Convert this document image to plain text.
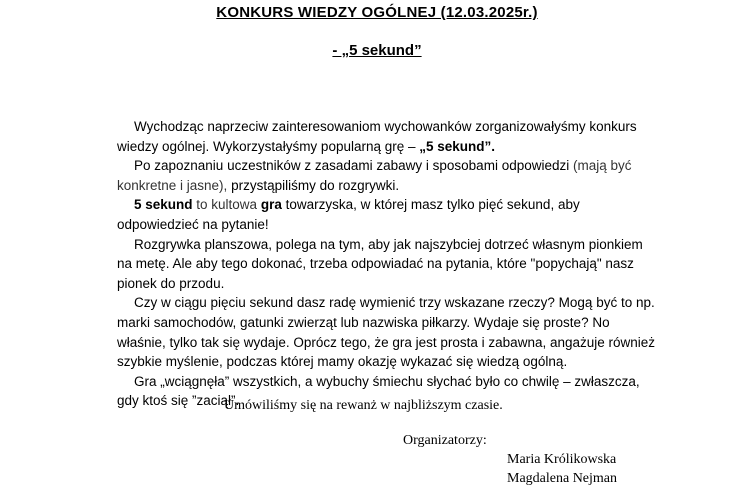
KONKURS WIEDZY OGÓLNEJ (12.03.2025r.)
- „5 sekund”

Wychodząc naprzeciw zainteresowaniom wychowanków zorganizowałyśmy konkurs wiedzy ogólnej. Wykorzystałyśmy popularną grę – „5 sekund”.

Po zapoznaniu uczestników z zasadami zabawy i sposobami odpowiedzi (mają być konkretne i jasne), przystąpiliśmy do rozgrywki.

5 sekund to kultowa gra towarzyska, w której masz tylko pięć sekund, aby odpowiedzieć na pytanie!

Rozgrywka planszowa, polega na tym, aby jak najszybciej dotrzeć własnym pionkiem na metę. Ale aby tego dokonać, trzeba odpowiadać na pytania, które "popychają" nasz pionek do przodu.

Czy w ciągu pięciu sekund dasz radę wymienić trzy wskazane rzeczy? Mogą być to np. marki samochodów, gatunki zwierząt lub nazwiska piłkarzy. Wydaje się proste? No właśnie, tylko tak się wydaje. Oprócz tego, że gra jest prosta i zabawna, angażuje również szybkie myślenie, podczas której mamy okazję wykazać się wiedzą ogólną.

Gra „wciągnęła” wszystkich, a wybuchy śmiechu słychać było co chwilę – zwłaszcza, gdy ktoś się ”zaciął”.

Umówiliśmy się na rewanż w najbliższym czasie.
Organizatorzy:
Maria Królikowska
Magdalena Nejman
